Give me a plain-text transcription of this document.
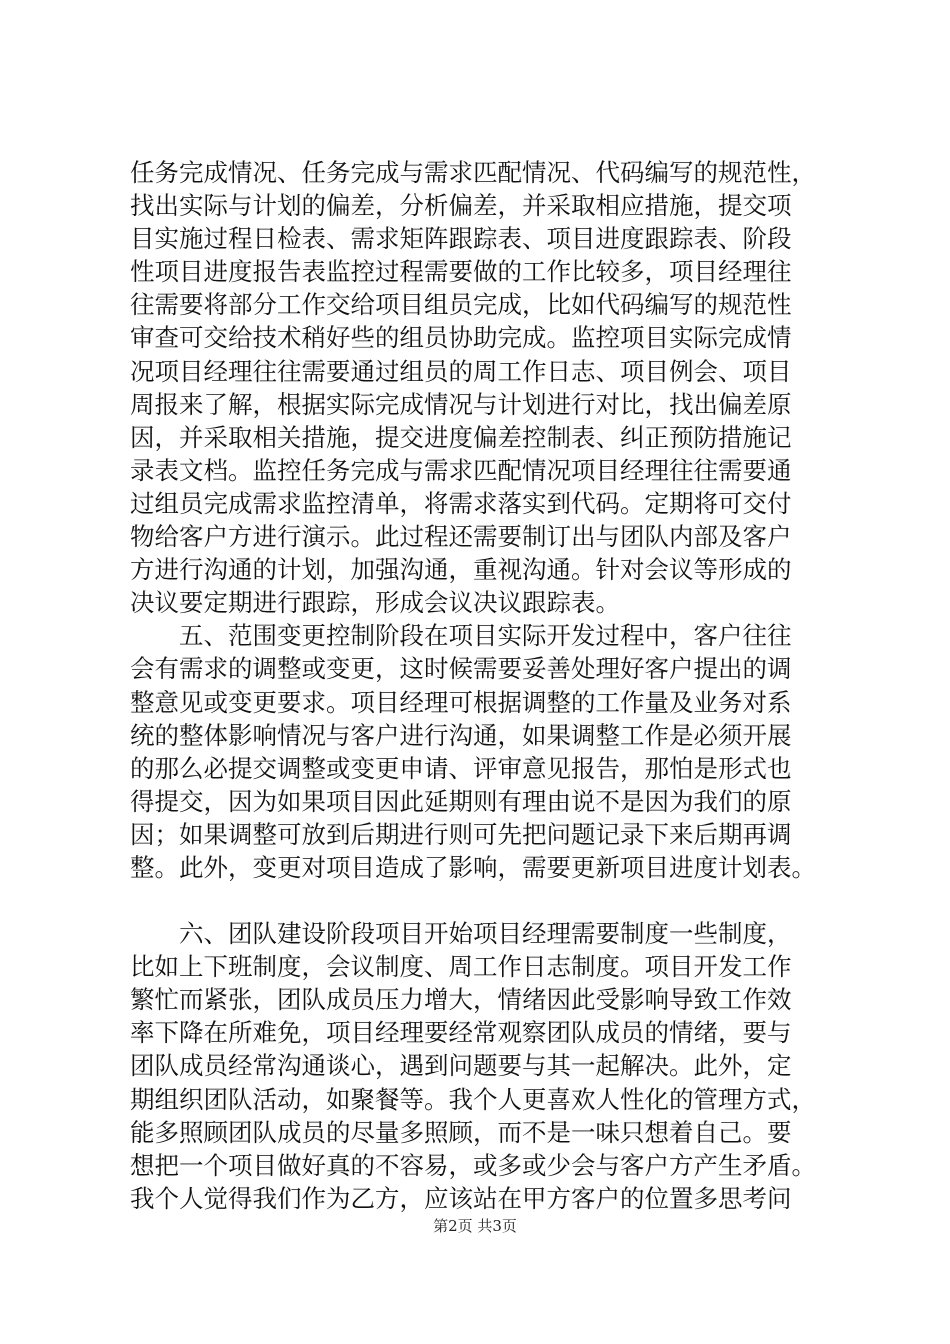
任务完成情况、任务完成与需求匹配情况、代码编写的规范性，
找出实际与计划的偏差，分析偏差，并采取相应措施，提交项
目实施过程日检表、需求矩阵跟踪表、项目进度跟踪表、阶段
性项目进度报告表监控过程需要做的工作比较多，项目经理往
往需要将部分工作交给项目组员完成，比如代码编写的规范性
审查可交给技术稍好些的组员协助完成。监控项目实际完成情
况项目经理往往需要通过组员的周工作日志、项目例会、项目
周报来了解，根据实际完成情况与计划进行对比，找出偏差原
因，并采取相关措施，提交进度偏差控制表、纠正预防措施记
录表文档。监控任务完成与需求匹配情况项目经理往往需要通
过组员完成需求监控清单，将需求落实到代码。定期将可交付
物给客户方进行演示。此过程还需要制订出与团队内部及客户
方进行沟通的计划，加强沟通，重视沟通。针对会议等形成的
决议要定期进行跟踪，形成会议决议跟踪表。
　　五、范围变更控制阶段在项目实际开发过程中，客户往往
会有需求的调整或变更，这时候需要妥善处理好客户提出的调
整意见或变更要求。项目经理可根据调整的工作量及业务对系
统的整体影响情况与客户进行沟通，如果调整工作是必须开展
的那么必提交调整或变更申请、评审意见报告，那怕是形式也
得提交，因为如果项目因此延期则有理由说不是因为我们的原
因；如果调整可放到后期进行则可先把问题记录下来后期再调
整。此外，变更对项目造成了影响，需要更新项目进度计划表。
　　六、团队建设阶段项目开始项目经理需要制度一些制度，
比如上下班制度，会议制度、周工作日志制度。项目开发工作
繁忙而紧张，团队成员压力增大，情绪因此受影响导致工作效
率下降在所难免，项目经理要经常观察团队成员的情绪，要与
团队成员经常沟通谈心，遇到问题要与其一起解决。此外，定
期组织团队活动，如聚餐等。我个人更喜欢人性化的管理方式，
能多照顾团队成员的尽量多照顾，而不是一味只想着自己。要
想把一个项目做好真的不容易，或多或少会与客户方产生矛盾。
我个人觉得我们作为乙方，应该站在甲方客户的位置多思考问
第2页 共3页
